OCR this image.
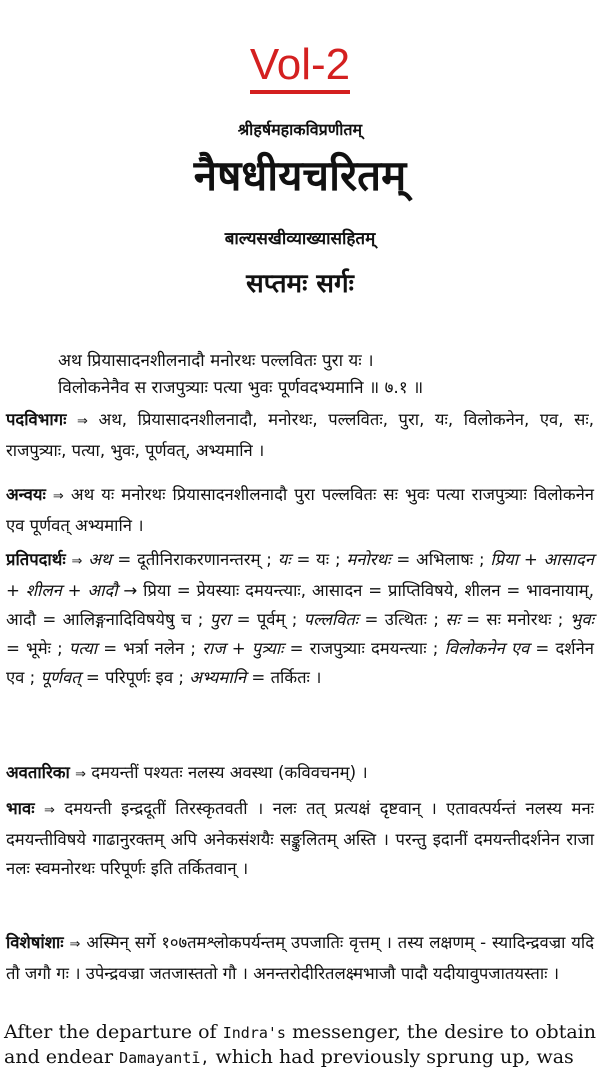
Vol-2
श्रीहर्षमहाकविप्रणीतम्
नैषधीयचरितम्
बाल्यसखीव्याख्यासहितम्
सप्तमः सर्गः
अथ प्रियासादनशीलनादौ मनोरथः पल्लवितः पुरा यः ।
विलोकनेनैव स राजपुत्र्याः पत्या भुवः पूर्णवदभ्यमानि ॥ ७.१ ॥
पदविभागः ⇒ अथ, प्रियासादनशीलनादौ, मनोरथः, पल्लवितः, पुरा, यः, विलोकनेन, एव, सः, राजपुत्र्याः, पत्या, भुवः, पूर्णवत्, अभ्यमानि ।
अन्वयः ⇒ अथ यः मनोरथः प्रियासादनशीलनादौ पुरा पल्लवितः सः भुवः पत्या राजपुत्र्याः विलोकनेन एव पूर्णवत् अभ्यमानि ।
प्रतिपदार्थः ⇒ अथ = दूतीनिराकरणानन्तरम् ; यः = यः ; मनोरथः = अभिलाषः ; प्रिया + आसादन + शीलन + आदौ → प्रिया = प्रेयस्याः दमयन्त्याः, आसादन = प्राप्तिविषये, शीलन = भावनायाम्, आदौ = आलिङ्गनादिविषयेषु च ; पुरा = पूर्वम् ; पल्लवितः = उत्थितः ; सः = सः मनोरथः ; भुवः = भूमेः ; पत्या = भर्त्रा नलेन ; राज + पुत्र्याः = राजपुत्र्याः दमयन्त्याः ; विलोकनेन एव = दर्शनेन एव ; पूर्णवत् = परिपूर्णः इव ; अभ्यमानि = तर्कितः ।
अवतारिका ⇒ दमयन्तीं पश्यतः नलस्य अवस्था (कविवचनम्) ।
भावः ⇒ दमयन्ती इन्द्रदूतीं तिरस्कृतवती । नलः तत् प्रत्यक्षं दृष्टवान् । एतावत्पर्यन्तं नलस्य मनः दमयन्तीविषये गाढानुरक्तम् अपि अनेकसंशयैः सङ्कुलितम् अस्ति । परन्तु इदानीं दमयन्तीदर्शनेन राजा नलः स्वमनोरथः परिपूर्णः इति तर्कितवान् ।
विशेषांशाः ⇒ अस्मिन् सर्गे १०७तमश्लोकपर्यन्तम् उपजातिः वृत्तम् । तस्य लक्षणम् - स्यादिन्द्रवज्रा यदि तौ जगौ गः । उपेन्द्रवज्रा जतजास्ततो गौ । अनन्तरोदीरितलक्ष्मभाजौ पादौ यदीयावुपजातयस्ताः ।
After the departure of Indra's messenger, the desire to obtain and endear Damayantī, which had previously sprung up, was
